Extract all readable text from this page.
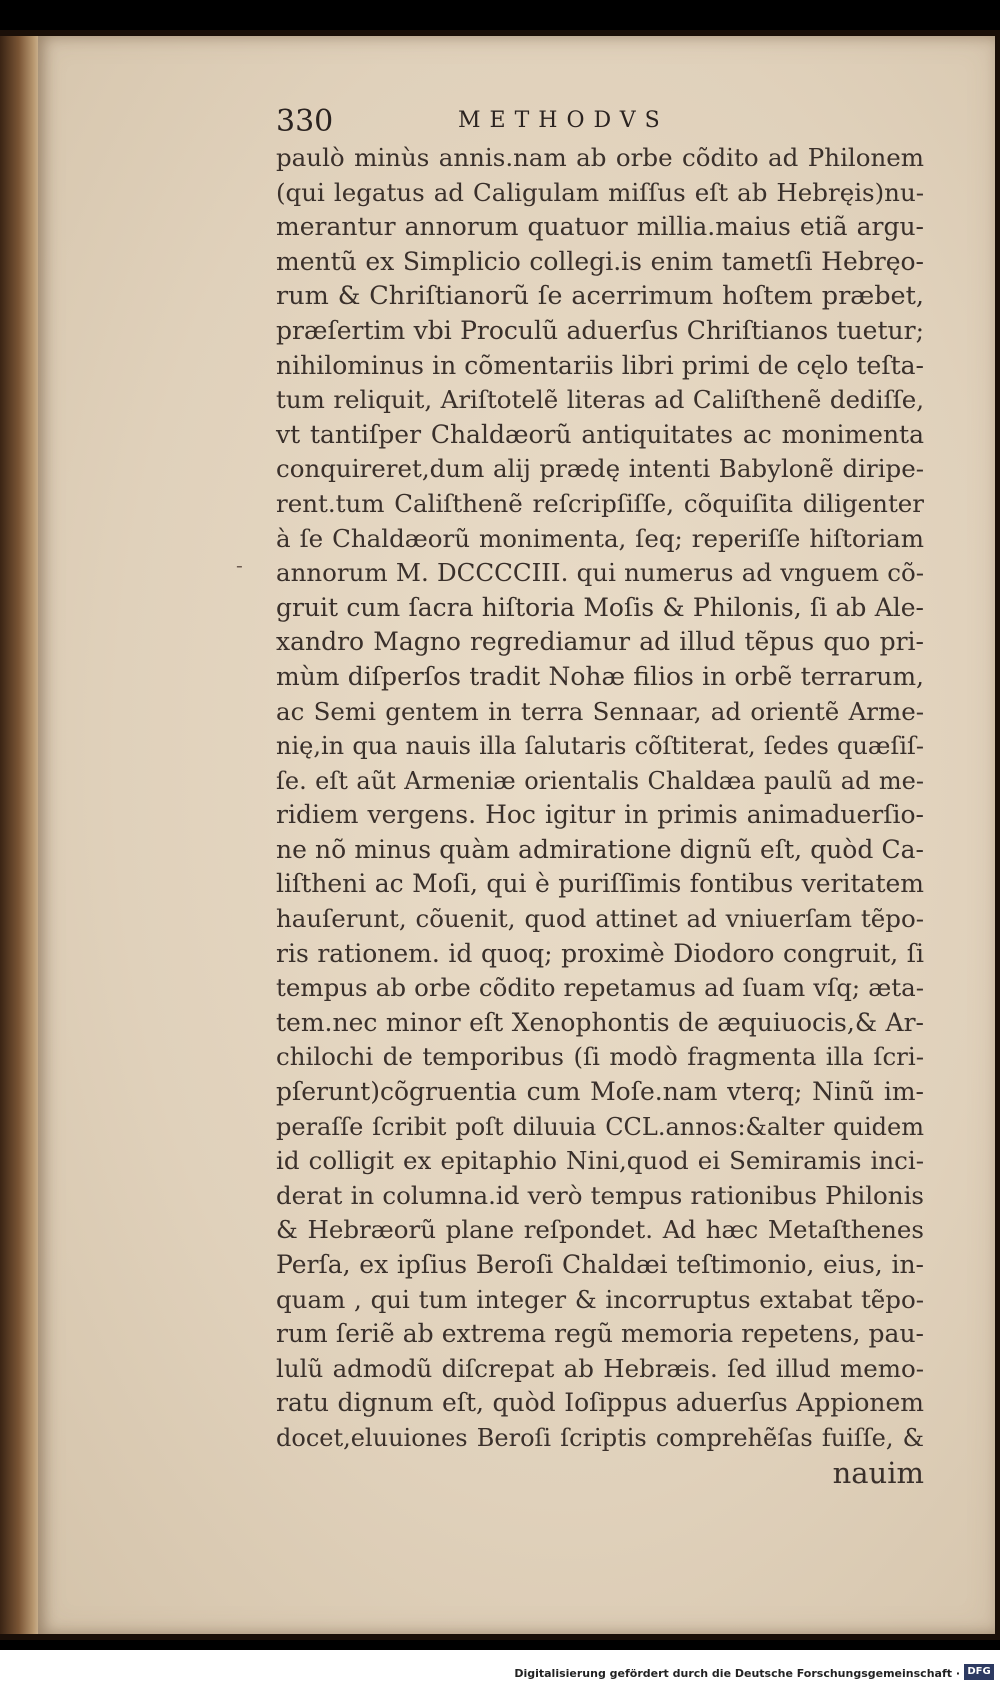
330	METHODVS
-
paulò minùs annis.nam ab orbe cõdito ad Philonem
(qui legatus ad Caligulam miſſus eſt ab Hebręis)nu-
merantur annorum quatuor millia.maius etiã argu-
mentũ ex Simplicio collegi.is enim tametſi Hebręo-
rum & Chriſtianorũ ſe acerrimum hoſtem præbet,
præſertim vbi Proculũ aduerſus Chriſtianos tuetur;
nihilominus in cõmentariis libri primi de cęlo teſta-
tum reliquit, Ariſtotelẽ literas ad Caliſthenẽ dediſſe,
vt tantiſper Chaldæorũ antiquitates ac monimenta
conquireret,dum alij prædę intenti Babylonẽ diripe-
rent.tum Caliſthenẽ reſcripſiſſe, cõquiſita diligenter
à ſe Chaldæorũ monimenta, ſeq; reperiſſe hiſtoriam
annorum M. DCCCCIII. qui numerus ad vnguem cõ-
gruit cum ſacra hiſtoria Moſis & Philonis, ſi ab Ale-
xandro Magno regrediamur ad illud tẽpus quo pri-
mùm diſperſos tradit Nohæ filios in orbẽ terrarum,
ac Semi gentem in terra Sennaar, ad orientẽ Arme-
nię,in qua nauis illa ſalutaris cõſtiterat, ſedes quæſiſ-
ſe. eſt aũt Armeniæ orientalis Chaldæa paulũ ad me-
ridiem vergens. Hoc igitur in primis animaduerſio-
ne nõ minus quàm admiratione dignũ eſt, quòd Ca-
liſtheni ac Moſi, qui è puriſſimis fontibus veritatem
hauſerunt, cõuenit, quod attinet ad vniuerſam tẽpo-
ris rationem. id quoq; proximè Diodoro congruit, ſi
tempus ab orbe cõdito repetamus ad ſuam vſq; æta-
tem.nec minor eſt Xenophontis de æquiuocis,& Ar-
chilochi de temporibus (ſi modò fragmenta illa ſcri-
pſerunt)cõgruentia cum Moſe.nam vterq; Ninũ im-
peraſſe ſcribit poſt diluuia CCL.annos:&alter quidem
id colligit ex epitaphio Nini,quod ei Semiramis inci-
derat in columna.id verò tempus rationibus Philonis
& Hebræorũ plane reſpondet. Ad hæc Metaſthenes
Perſa, ex ipſius Beroſi Chaldæi teſtimonio, eius, in-
quam , qui tum integer & incorruptus extabat tẽpo-
rum ſeriẽ ab extrema regũ memoria repetens, pau-
lulũ admodũ diſcrepat ab Hebræis. ſed illud memo-
ratu dignum eſt, quòd Ioſippus aduerſus Appionem
docet,eluuiones Beroſi ſcriptis comprehẽſas fuiſſe, &
nauim
Digitalisierung gefördert durch die Deutsche Forschungsgemeinschaft · DFG
